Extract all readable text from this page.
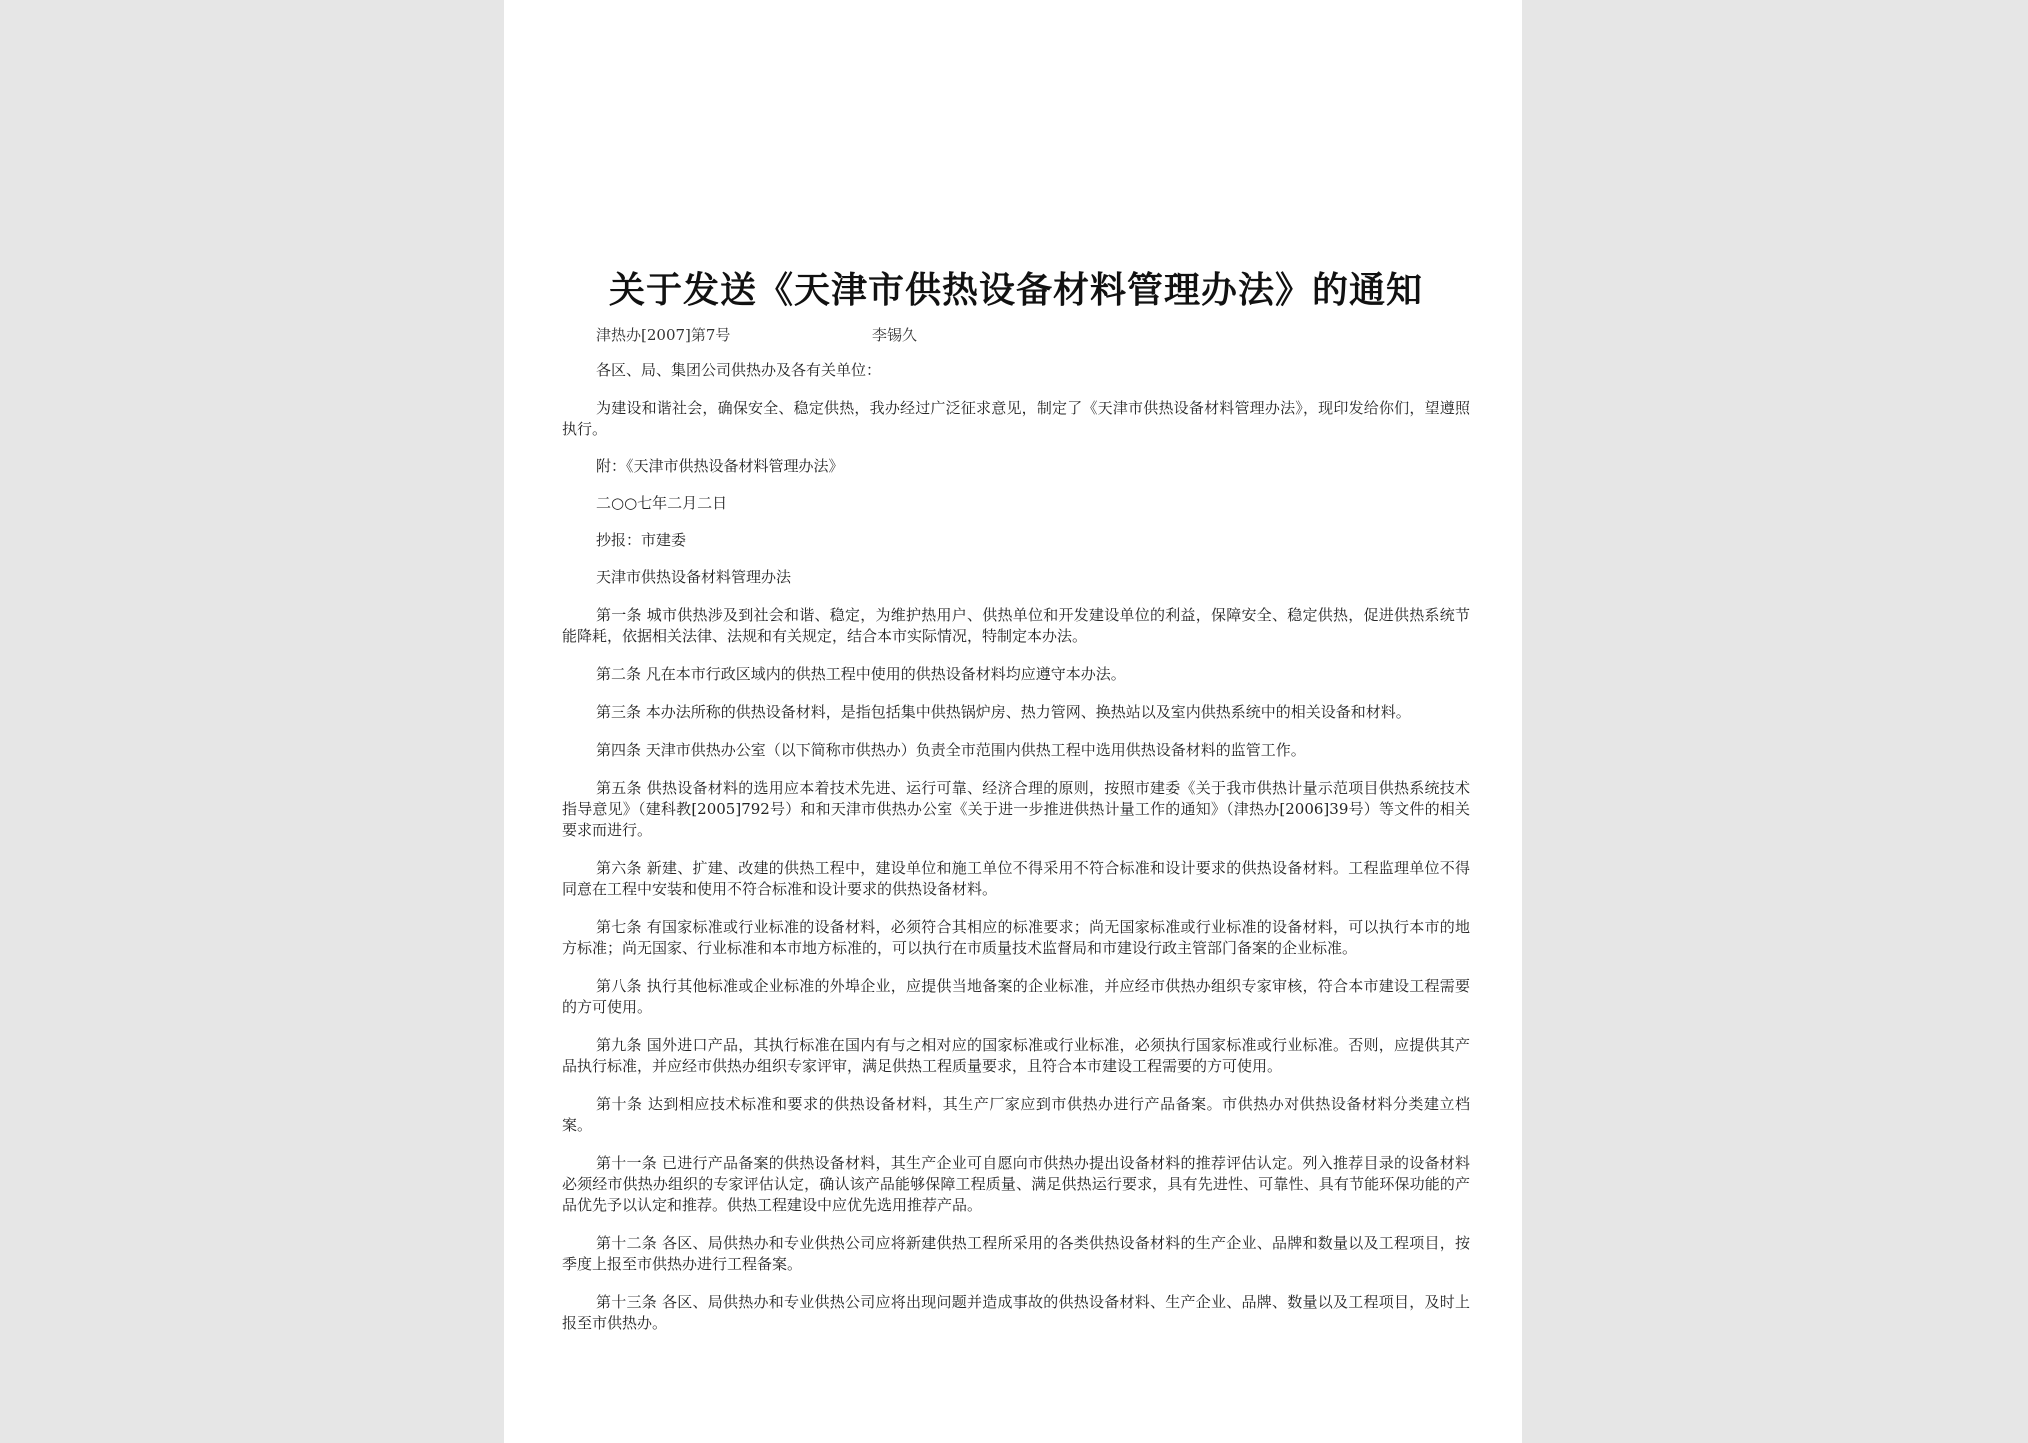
关于发送《天津市供热设备材料管理办法》的通知
津热办[2007]第7号	李锡久

各区、局、集团公司供热办及各有关单位：

为建设和谐社会，确保安全、稳定供热，我办经过广泛征求意见，制定了《天津市供热设备材料管理办法》，现印发给你们，望遵照执行。

附：《天津市供热设备材料管理办法》

二○○七年二月二日

抄报：市建委

天津市供热设备材料管理办法

第一条 城市供热涉及到社会和谐、稳定，为维护热用户、供热单位和开发建设单位的利益，保障安全、稳定供热，促进供热系统节能降耗，依据相关法律、法规和有关规定，结合本市实际情况，特制定本办法。

第二条 凡在本市行政区域内的供热工程中使用的供热设备材料均应遵守本办法。

第三条 本办法所称的供热设备材料，是指包括集中供热锅炉房、热力管网、换热站以及室内供热系统中的相关设备和材料。

第四条 天津市供热办公室（以下简称市供热办）负责全市范围内供热工程中选用供热设备材料的监管工作。

第五条 供热设备材料的选用应本着技术先进、运行可靠、经济合理的原则，按照市建委《关于我市供热计量示范项目供热系统技术指导意见》（建科教[2005]792号）和和天津市供热办公室《关于进一步推进供热计量工作的通知》（津热办[2006]39号）等文件的相关要求而进行。

第六条 新建、扩建、改建的供热工程中，建设单位和施工单位不得采用不符合标准和设计要求的供热设备材料。工程监理单位不得同意在工程中安装和使用不符合标准和设计要求的供热设备材料。

第七条 有国家标准或行业标准的设备材料，必须符合其相应的标准要求；尚无国家标准或行业标准的设备材料，可以执行本市的地方标准；尚无国家、行业标准和本市地方标准的，可以执行在市质量技术监督局和市建设行政主管部门备案的企业标准。

第八条 执行其他标准或企业标准的外埠企业，应提供当地备案的企业标准，并应经市供热办组织专家审核，符合本市建设工程需要的方可使用。

第九条 国外进口产品，其执行标准在国内有与之相对应的国家标准或行业标准，必须执行国家标准或行业标准。否则，应提供其产品执行标准，并应经市供热办组织专家评审，满足供热工程质量要求，且符合本市建设工程需要的方可使用。

第十条 达到相应技术标准和要求的供热设备材料，其生产厂家应到市供热办进行产品备案。市供热办对供热设备材料分类建立档案。

第十一条 已进行产品备案的供热设备材料，其生产企业可自愿向市供热办提出设备材料的推荐评估认定。列入推荐目录的设备材料必须经市供热办组织的专家评估认定，确认该产品能够保障工程质量、满足供热运行要求，具有先进性、可靠性、具有节能环保功能的产品优先予以认定和推荐。供热工程建设中应优先选用推荐产品。

第十二条 各区、局供热办和专业供热公司应将新建供热工程所采用的各类供热设备材料的生产企业、品牌和数量以及工程项目，按季度上报至市供热办进行工程备案。

第十三条 各区、局供热办和专业供热公司应将出现问题并造成事故的供热设备材料、生产企业、品牌、数量以及工程项目，及时上报至市供热办。
